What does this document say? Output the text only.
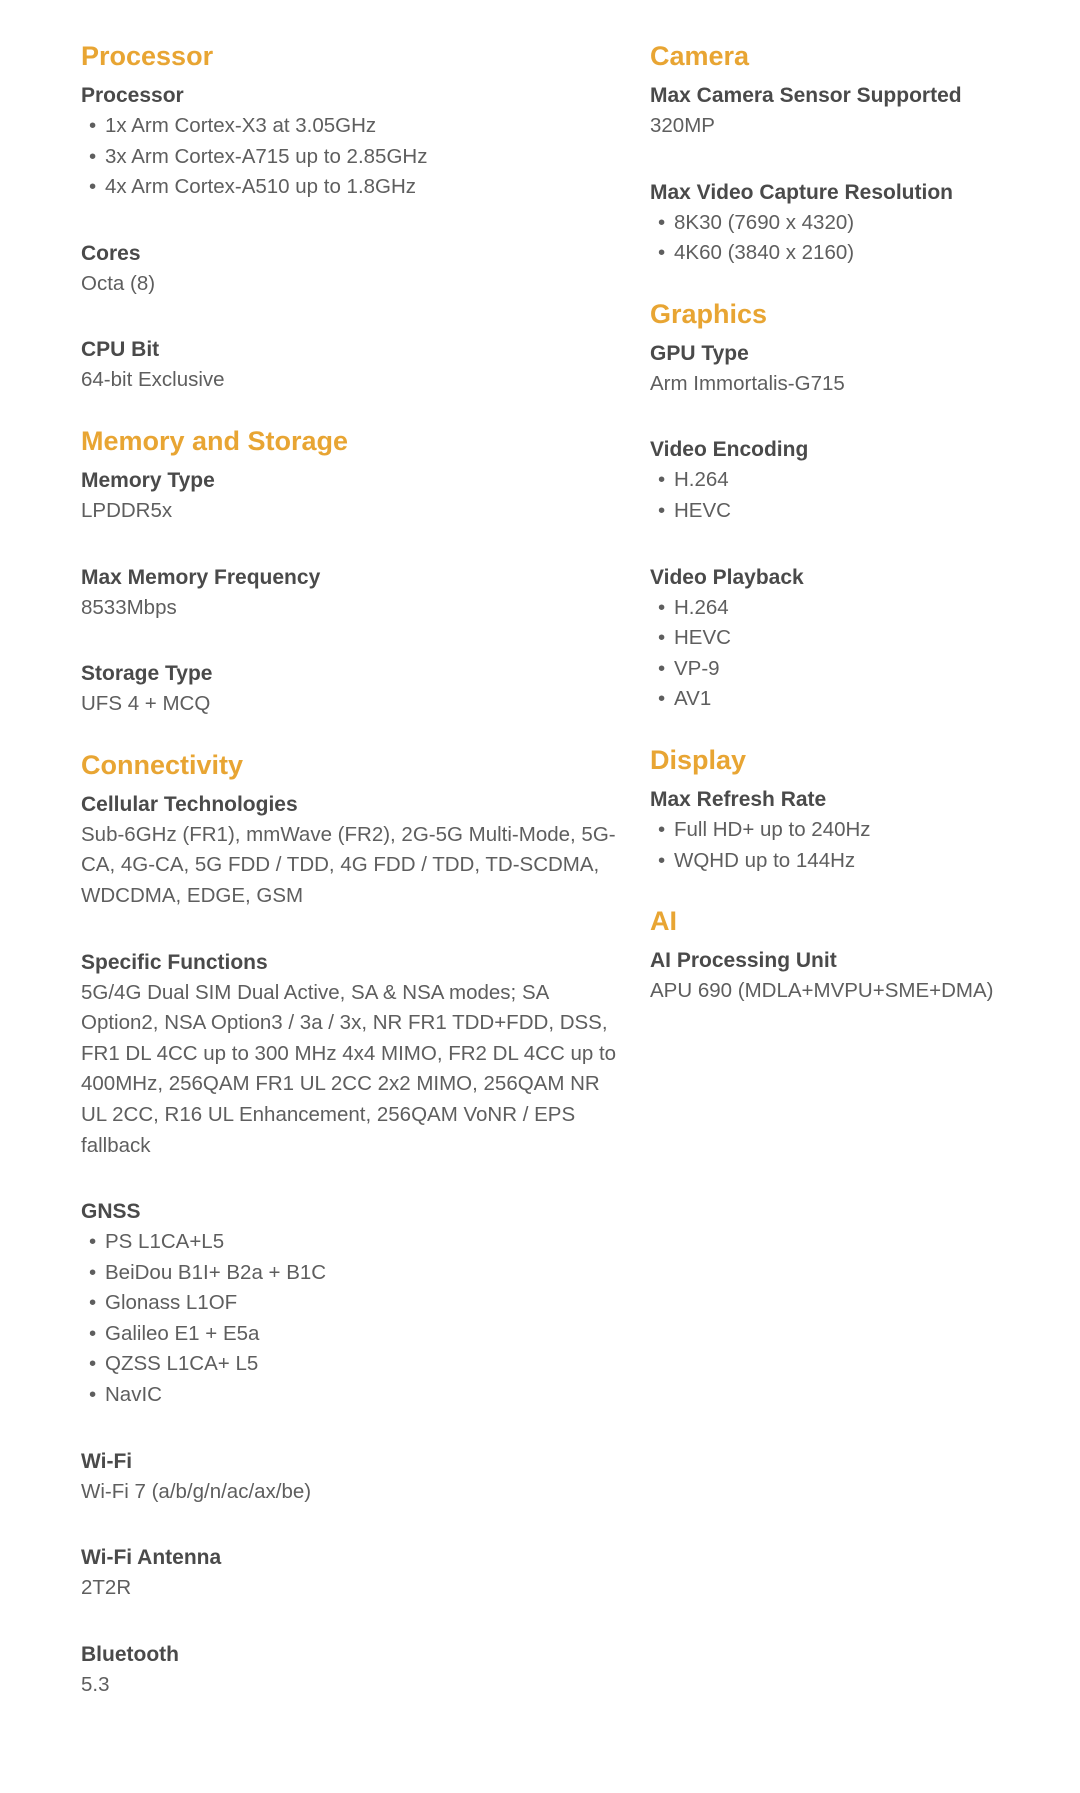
Processor
Processor
• 1x Arm Cortex-X3 at 3.05GHz
• 3x Arm Cortex-A715 up to 2.85GHz
• 4x Arm Cortex-A510 up to 1.8GHz
Cores
Octa (8)
CPU Bit
64-bit Exclusive
Memory and Storage
Memory Type
LPDDR5x
Max Memory Frequency
8533Mbps
Storage Type
UFS 4 + MCQ
Connectivity
Cellular Technologies
Sub-6GHz (FR1), mmWave (FR2), 2G-5G Multi-Mode, 5G-CA, 4G-CA, 5G FDD / TDD, 4G FDD / TDD, TD-SCDMA, WDCDMA, EDGE, GSM
Specific Functions
5G/4G Dual SIM Dual Active, SA & NSA modes; SA Option2, NSA Option3 / 3a / 3x, NR FR1 TDD+FDD, DSS, FR1 DL 4CC up to 300 MHz 4x4 MIMO, FR2 DL 4CC up to 400MHz, 256QAM FR1 UL 2CC 2x2 MIMO, 256QAM NR UL 2CC, R16 UL Enhancement, 256QAM VoNR / EPS fallback
GNSS
• PS L1CA+L5
• BeiDou B1I+ B2a + B1C
• Glonass L1OF
• Galileo E1 + E5a
• QZSS L1CA+ L5
• NavIC
Wi-Fi
Wi-Fi 7 (a/b/g/n/ac/ax/be)
Wi-Fi Antenna
2T2R
Bluetooth
5.3
Camera
Max Camera Sensor Supported
320MP
Max Video Capture Resolution
• 8K30 (7690 x 4320)
• 4K60 (3840 x 2160)
Graphics
GPU Type
Arm Immortalis-G715
Video Encoding
• H.264
• HEVC
Video Playback
• H.264
• HEVC
• VP-9
• AV1
Display
Max Refresh Rate
• Full HD+ up to 240Hz
• WQHD up to 144Hz
AI
AI Processing Unit
APU 690 (MDLA+MVPU+SME+DMA)
